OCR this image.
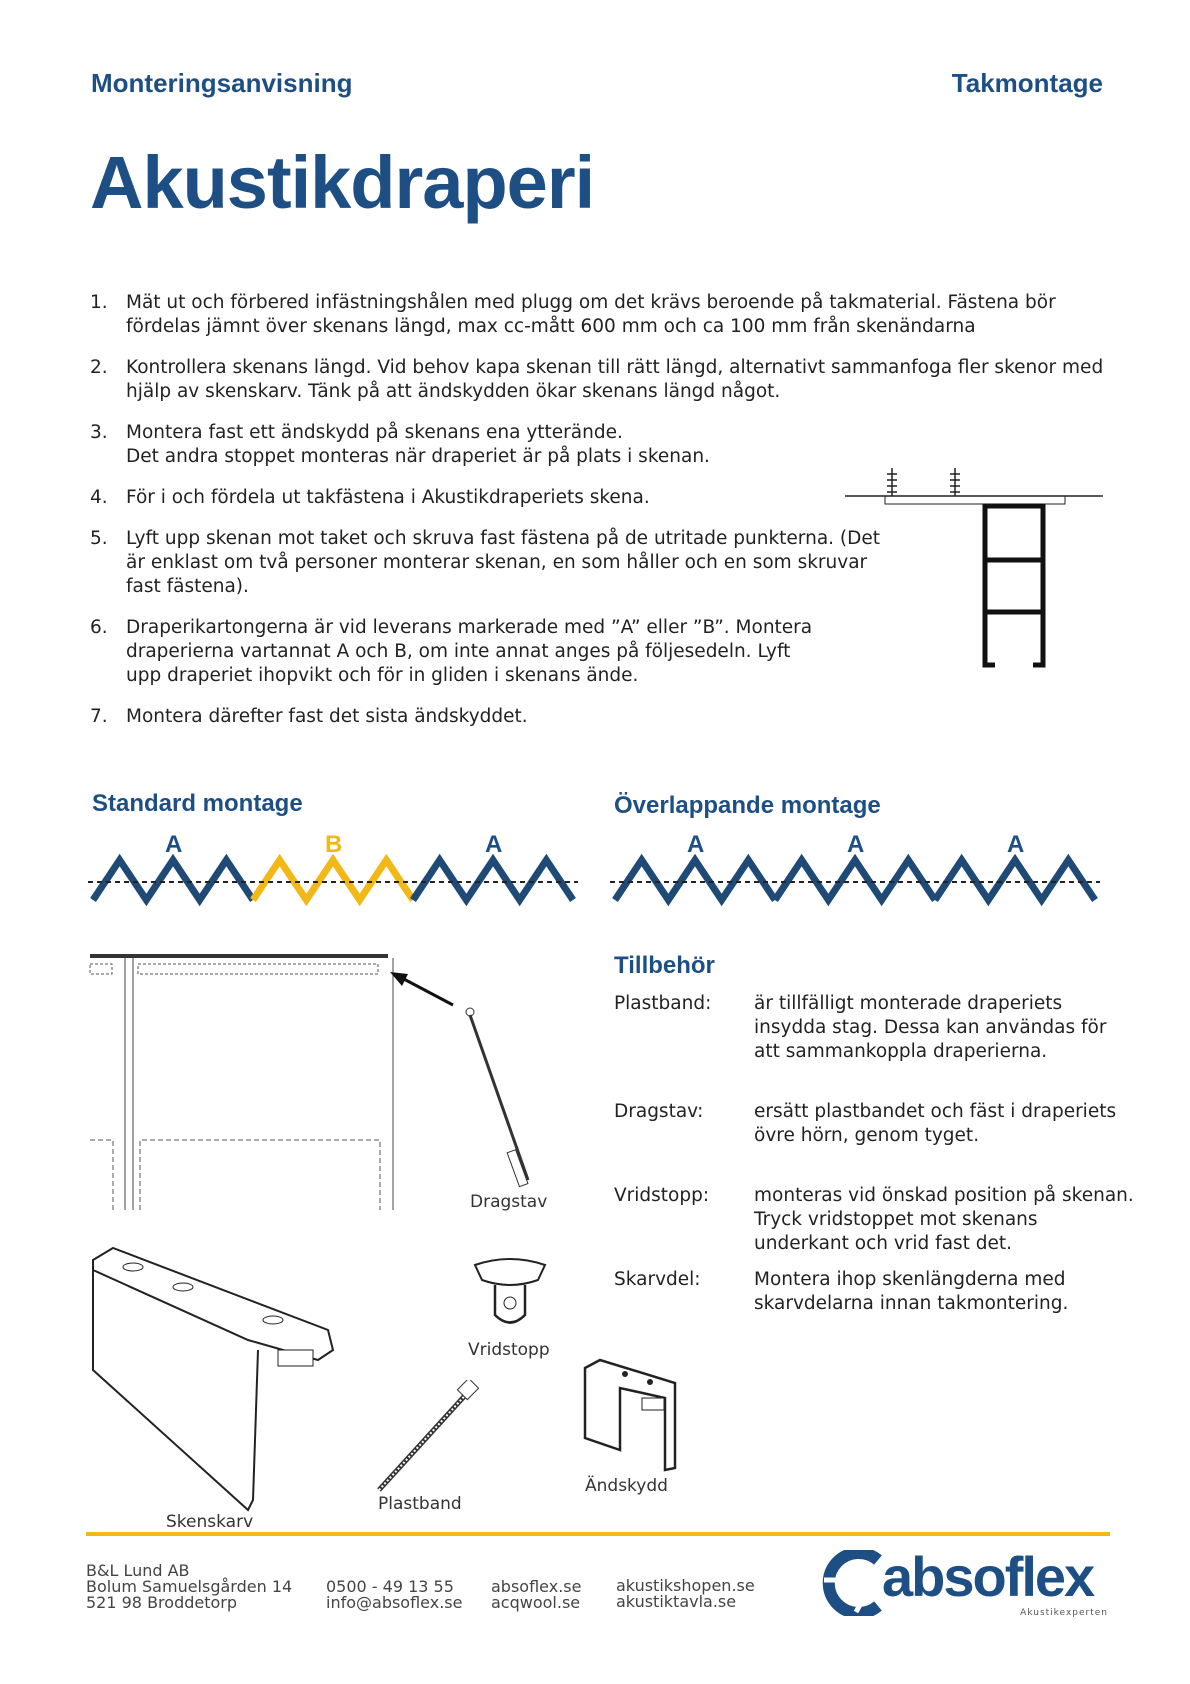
Monteringsanvisning	Takmontage
Akustikdraperi
1. Mät ut och förbered infästningshålen med plugg om det krävs beroende på takmaterial. Fästena bör fördelas jämnt över skenans längd, max cc-mått 600 mm och ca 100 mm från skenändarna
2. Kontrollera skenans längd. Vid behov kapa skenan till rätt längd, alternativt sammanfoga fler skenor med hjälp av skenskarv. Tänk på att ändskydden ökar skenans längd något.
3. Montera fast ett ändskydd på skenans ena ytterände.
Det andra stoppet monteras när draperiet är på plats i skenan.
4. För i och fördela ut takfästena i Akustikdraperiets skena.
5. Lyft upp skenan mot taket och skruva fast fästena på de utritade punkterna. (Det är enklast om två personer monterar skenan, en som håller och en som skruvar fast fästena).
6. Draperikartongerna är vid leverans markerade med ”A” eller ”B”. Montera draperierna vartannat A och B, om inte annat anges på följesedeln. Lyft upp draperiet ihopvikt och för in gliden i skenans ände.
7. Montera därefter fast det sista ändskyddet.
Standard montage	Överlappande montage
A	B	A	A	A	A
Tillbehör
Plastband: är tillfälligt monterade draperiets insydda stag. Dessa kan användas för att sammankoppla draperierna.
Dragstav:	ersätt plastbandet och fäst i draperiets övre hörn, genom tyget.
Vridstopp: monteras vid önskad position på skenan. Tryck vridstoppet mot skenans underkant och vrid fast det.
Skarvdel:	Montera ihop skenlängderna med skarvdelarna innan takmontering.
Dragstav
Vridstopp
Skenskarv
Plastband
Ändskydd
B&L Lund AB
Bolum Samuelsgården 14
521 98 Broddetorp
0500 - 49 13 55
info@absoflex.se
absoflex.se
acqwool.se
akustikshopen.se
akustiktavla.se	absoflex
Akustikexperten
